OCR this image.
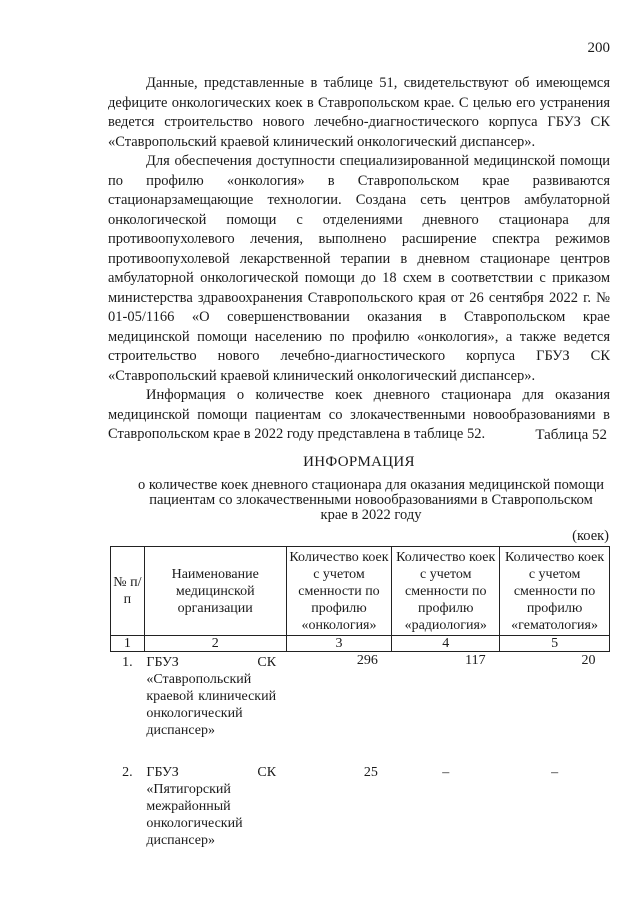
200

Данные, представленные в таблице 51, свидетельствуют об имеющемся дефиците онкологических коек в Ставропольском крае. С целью его устранения ведется строительство нового лечебно-диагностического корпуса ГБУЗ СК «Ставропольский краевой клинический онкологический диспансер».

Для обеспечения доступности специализированной медицинской помощи по профилю «онкология» в Ставропольском крае развиваются стационарзамещающие технологии. Создана сеть центров амбулаторной онкологической помощи с отделениями дневного стационара для противоопухолевого лечения, выполнено расширение спектра режимов противоопухолевой лекарственной терапии в дневном стационаре центров амбулаторной онкологической помощи до 18 схем в соответствии с приказом министерства здравоохранения Ставропольского края от 26 сентября 2022 г. № 01-05/1166 «О совершенствовании оказания в Ставропольском крае медицинской помощи населению по профилю «онкология», а также ведется строительство нового лечебно-диагностического корпуса ГБУЗ СК «Ставропольский краевой клинический онкологический диспансер».

Информация о количестве коек дневного стационара для оказания медицинской помощи пациентам со злокачественными новообразованиями в Ставропольском крае в 2022 году представлена в таблице 52.	Таблица 52
ИНФОРМАЦИЯ
о количестве коек дневного стационара для оказания медицинской помощи пациентам со злокачественными новообразованиями в Ставропольском крае в 2022 году
(коек)
№ п/п	Наименование медицинской организации	Количество коек с учетом сменности по профилю «онкология»	Количество коек с учетом сменности по профилю «радиология»	Количество коек с учетом сменности по профилю «гематология»
1	2	3	4	5
1.	ГБУЗ СК «Ставропольский краевой клинический онкологический диспансер»	296	117	20
2.	ГБУЗ СК «Пятигорский межрайонный онкологический диспансер»	25	–	–
